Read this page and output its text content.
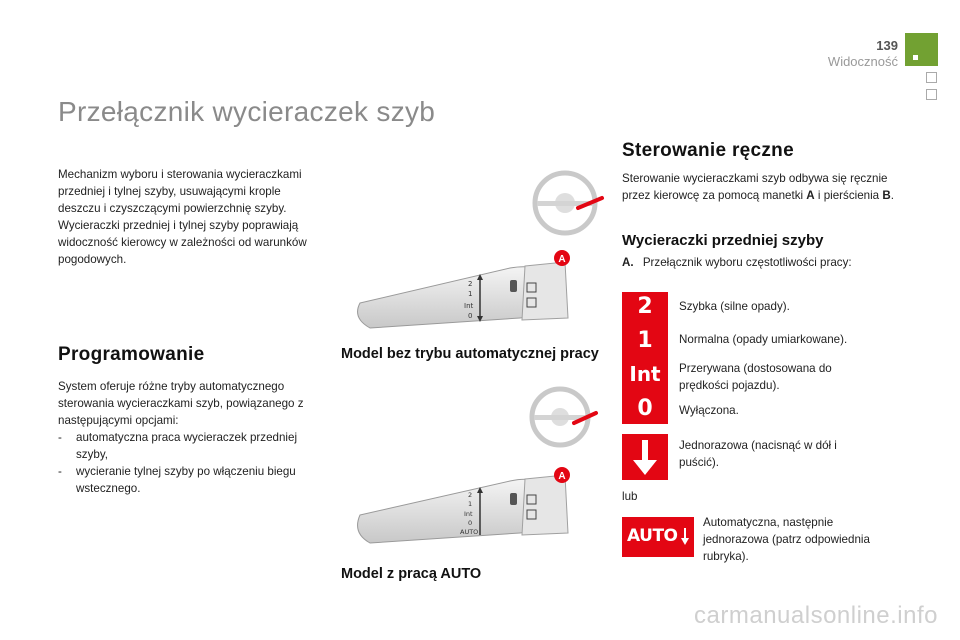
139
Widoczność
Przełącznik wycieraczek szyb
Mechanizm wyboru i sterowania wycieraczkami przedniej i tylnej szyby, usuwającymi krople deszczu i czyszczącymi powierzchnię szyby. Wycieraczki przedniej i tylnej szyby poprawiają widoczność kierowcy w zależności od warunków pogodowych.
Programowanie
System oferuje różne tryby automatycznego sterowania wycieraczkami szyb, powiązanego z następującymi opcjami:
- automatyczna praca wycieraczek przedniej szyby,
- wycieranie tylnej szyby po włączeniu biegu wstecznego.
2
1
Int
0
A
Model bez trybu automatycznej pracy
2
1
Int
0
AUTO
A
Model z pracą AUTO
Sterowanie ręczne
Sterowanie wycieraczkami szyb odbywa się ręcznie przez kierowcę za pomocą manetki A i pierścienia B.
Wycieraczki przedniej szyby
A. Przełącznik wyboru częstotliwości pracy:
2
1
Int
0
Szybka (silne opady).
Normalna (opady umiarkowane).
Przerywana (dostosowana do prędkości pojazdu).
Wyłączona.
Jednorazowa (nacisnąć w dół i puścić).
lub
AUTO
Automatyczna, następnie jednorazowa (patrz odpowiednia rubryka).
carmanualsonline.info
